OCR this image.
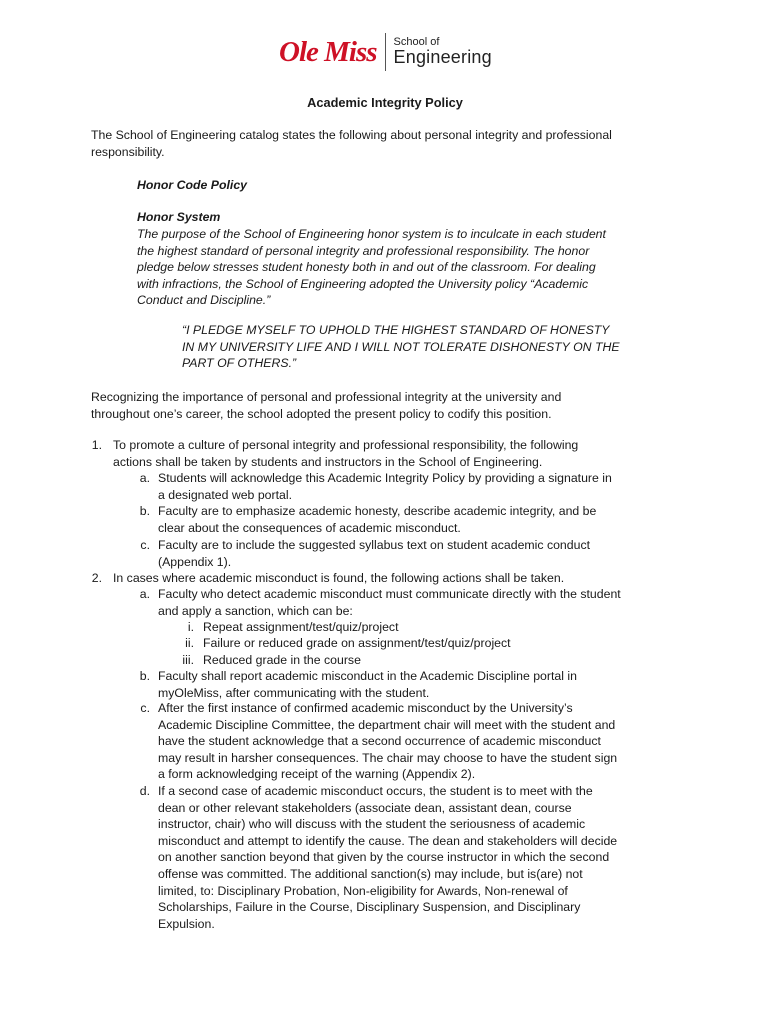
Ole Miss School of
Engineering
Academic Integrity Policy
The School of Engineering catalog states the following about personal integrity and professional
responsibility.
Honor Code Policy
Honor System
The purpose of the School of Engineering honor system is to inculcate in each student
the highest standard of personal integrity and professional responsibility. The honor
pledge below stresses student honesty both in and out of the classroom. For dealing
with infractions, the School of Engineering adopted the University policy “Academic
Conduct and Discipline.”
“I PLEDGE MYSELF TO UPHOLD THE HIGHEST STANDARD OF HONESTY
IN MY UNIVERSITY LIFE AND I WILL NOT TOLERATE DISHONESTY ON THE
PART OF OTHERS.”
Recognizing the importance of personal and professional integrity at the university and
throughout one’s career, the school adopted the present policy to codify this position.
1. To promote a culture of personal integrity and professional responsibility, the following
actions shall be taken by students and instructors in the School of Engineering.
a. Students will acknowledge this Academic Integrity Policy by providing a signature in
a designated web portal.
b. Faculty are to emphasize academic honesty, describe academic integrity, and be
clear about the consequences of academic misconduct.
c. Faculty are to include the suggested syllabus text on student academic conduct
(Appendix 1).
2. In cases where academic misconduct is found, the following actions shall be taken.
a. Faculty who detect academic misconduct must communicate directly with the student
and apply a sanction, which can be:
i. Repeat assignment/test/quiz/project
ii. Failure or reduced grade on assignment/test/quiz/project
iii. Reduced grade in the course
b. Faculty shall report academic misconduct in the Academic Discipline portal in
myOleMiss, after communicating with the student.
c. After the first instance of confirmed academic misconduct by the University’s
Academic Discipline Committee, the department chair will meet with the student and
have the student acknowledge that a second occurrence of academic misconduct
may result in harsher consequences. The chair may choose to have the student sign
a form acknowledging receipt of the warning (Appendix 2).
d. If a second case of academic misconduct occurs, the student is to meet with the
dean or other relevant stakeholders (associate dean, assistant dean, course
instructor, chair) who will discuss with the student the seriousness of academic
misconduct and attempt to identify the cause. The dean and stakeholders will decide
on another sanction beyond that given by the course instructor in which the second
offense was committed. The additional sanction(s) may include, but is(are) not
limited, to: Disciplinary Probation, Non-eligibility for Awards, Non-renewal of
Scholarships, Failure in the Course, Disciplinary Suspension, and Disciplinary
Expulsion.
